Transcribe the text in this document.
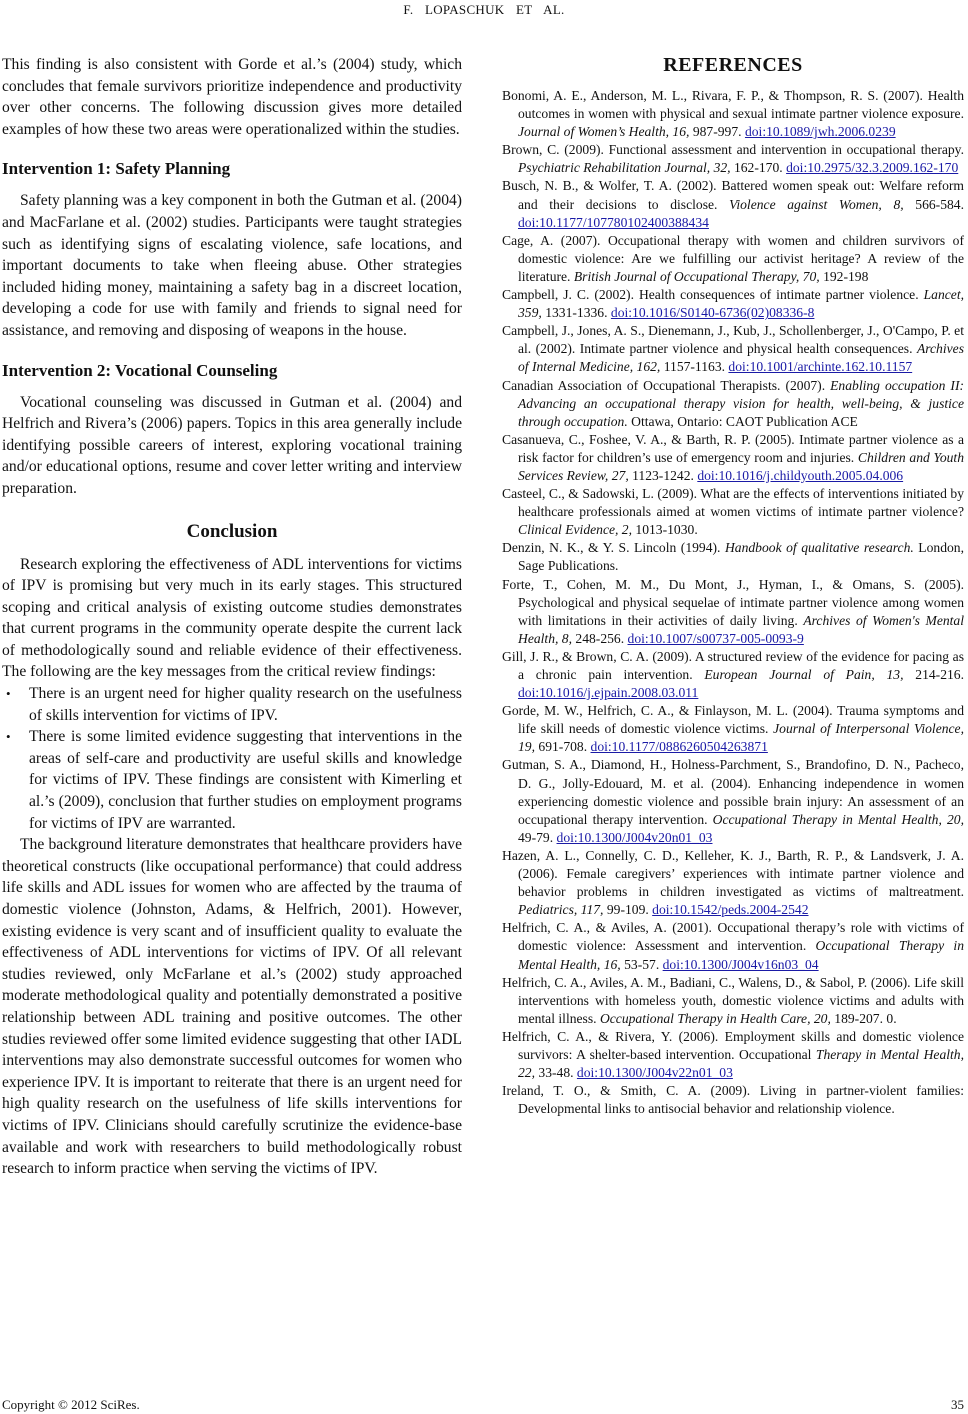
F. LOPASCHUK ET AL.

This finding is also consistent with Gorde et al.’s (2004) study, which concludes that female survivors prioritize independence and productivity over other concerns. The following discussion gives more detailed examples of how these two areas were operationalized within the studies.

Intervention 1: Safety Planning

Safety planning was a key component in both the Gutman et al. (2004) and MacFarlane et al. (2002) studies. Participants were taught strategies such as identifying signs of escalating violence, safe locations, and important documents to take when fleeing abuse. Other strategies included hiding money, maintaining a safety bag in a discreet location, developing a code for use with family and friends to signal need for assistance, and removing and disposing of weapons in the house.

Intervention 2: Vocational Counseling

Vocational counseling was discussed in Gutman et al. (2004) and Helfrich and Rivera’s (2006) papers. Topics in this area generally include identifying possible careers of interest, exploring vocational training and/or educational options, resume and cover letter writing and interview preparation.

Conclusion

Research exploring the effectiveness of ADL interventions for victims of IPV is promising but very much in its early stages. This structured scoping and critical analysis of existing outcome studies demonstrates that current programs in the community operate despite the current lack of methodologically sound and reliable evidence of their effectiveness. The following are the key messages from the critical review findings:

• There is an urgent need for higher quality research on the usefulness of skills intervention for victims of IPV.
• There is some limited evidence suggesting that interventions in the areas of self-care and productivity are useful skills and knowledge for victims of IPV. These findings are consistent with Kimerling et al.’s (2009), conclusion that further studies on employment programs for victims of IPV are warranted.

The background literature demonstrates that healthcare providers have theoretical constructs (like occupational performance) that could address life skills and ADL issues for women who are affected by the trauma of domestic violence (Johnston, Adams, & Helfrich, 2001). However, existing evidence is very scant and of insufficient quality to evaluate the effectiveness of ADL interventions for victims of IPV. Of all relevant studies reviewed, only McFarlane et al.’s (2002) study approached moderate methodological quality and potentially demonstrated a positive relationship between ADL training and positive outcomes. The other studies reviewed offer some limited evidence suggesting that other IADL interventions may also demonstrate successful outcomes for women who experience IPV. It is important to reiterate that there is an urgent need for high quality research on the usefulness of life skills interventions for victims of IPV. Clinicians should carefully scrutinize the evidence-base available and work with researchers to build methodologically robust research to inform practice when serving the victims of IPV.

REFERENCES

Bonomi, A. E., Anderson, M. L., Rivara, F. P., & Thompson, R. S. (2007). Health outcomes in women with physical and sexual intimate partner violence exposure. Journal of Women’s Health, 16, 987-997. doi:10.1089/jwh.2006.0239

Brown, C. (2009). Functional assessment and intervention in occupational therapy. Psychiatric Rehabilitation Journal, 32, 162-170. doi:10.2975/32.3.2009.162-170

Busch, N. B., & Wolfer, T. A. (2002). Battered women speak out: Welfare reform and their decisions to disclose. Violence against Women, 8, 566-584. doi:10.1177/107780102400388434

Cage, A. (2007). Occupational therapy with women and children survivors of domestic violence: Are we fulfilling our activist heritage? A review of the literature. British Journal of Occupational Therapy, 70, 192-198

Campbell, J. C. (2002). Health consequences of intimate partner violence. Lancet, 359, 1331-1336. doi:10.1016/S0140-6736(02)08336-8

Campbell, J., Jones, A. S., Dienemann, J., Kub, J., Schollenberger, J., O'Campo, P. et al. (2002). Intimate partner violence and physical health consequences. Archives of Internal Medicine, 162, 1157-1163. doi:10.1001/archinte.162.10.1157

Canadian Association of Occupational Therapists. (2007). Enabling occupation II: Advancing an occupational therapy vision for health, well-being, & justice through occupation. Ottawa, Ontario: CAOT Publication ACE

Casanueva, C., Foshee, V. A., & Barth, R. P. (2005). Intimate partner violence as a risk factor for children’s use of emergency room and injuries. Children and Youth Services Review, 27, 1123-1242. doi:10.1016/j.childyouth.2005.04.006

Casteel, C., & Sadowski, L. (2009). What are the effects of interventions initiated by healthcare professionals aimed at women victims of intimate partner violence? Clinical Evidence, 2, 1013-1030.

Denzin, N. K., & Y. S. Lincoln (1994). Handbook of qualitative research. London, Sage Publications.

Forte, T., Cohen, M. M., Du Mont, J., Hyman, I., & Omans, S. (2005). Psychological and physical sequelae of intimate partner violence among women with limitations in their activities of daily living. Archives of Women's Mental Health, 8, 248-256. doi:10.1007/s00737-005-0093-9

Gill, J. R., & Brown, C. A. (2009). A structured review of the evidence for pacing as a chronic pain intervention. European Journal of Pain, 13, 214-216. doi:10.1016/j.ejpain.2008.03.011

Gorde, M. W., Helfrich, C. A., & Finlayson, M. L. (2004). Trauma symptoms and life skill needs of domestic violence victims. Journal of Interpersonal Violence, 19, 691-708. doi:10.1177/0886260504263871

Gutman, S. A., Diamond, H., Holness-Parchment, S., Brandofino, D. N., Pacheco, D. G., Jolly-Edouard, M. et al. (2004). Enhancing independence in women experiencing domestic violence and possible brain injury: An assessment of an occupational therapy intervention. Occupational Therapy in Mental Health, 20, 49-79. doi:10.1300/J004v20n01_03

Hazen, A. L., Connelly, C. D., Kelleher, K. J., Barth, R. P., & Landsverk, J. A. (2006). Female caregivers’ experiences with intimate partner violence and behavior problems in children investigated as victims of maltreatment. Pediatrics, 117, 99-109. doi:10.1542/peds.2004-2542

Helfrich, C. A., & Aviles, A. (2001). Occupational therapy’s role with victims of domestic violence: Assessment and intervention. Occupational Therapy in Mental Health, 16, 53-57. doi:10.1300/J004v16n03_04

Helfrich, C. A., Aviles, A. M., Badiani, C., Walens, D., & Sabol, P. (2006). Life skill interventions with homeless youth, domestic violence victims and adults with mental illness. Occupational Therapy in Health Care, 20, 189-207. 0.

Helfrich, C. A., & Rivera, Y. (2006). Employment skills and domestic violence survivors: A shelter-based intervention. Occupational Therapy in Mental Health, 22, 33-48. doi:10.1300/J004v22n01_03

Ireland, T. O., & Smith, C. A. (2009). Living in partner-violent families: Developmental links to antisocial behavior and relationship violence.

Copyright © 2012 SciRes.	35
